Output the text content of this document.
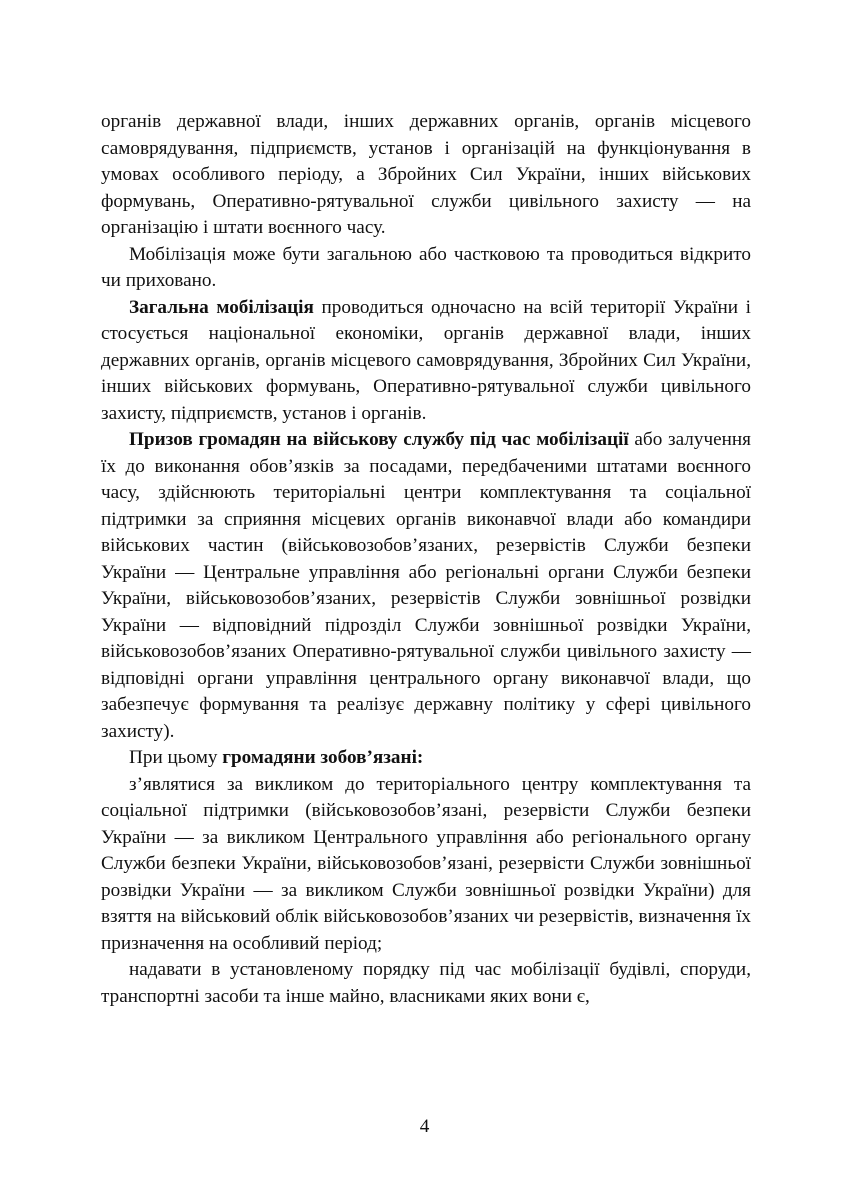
органів державної влади, інших державних органів, органів місцевого самоврядування, підприємств, установ і організацій на функціонування в умовах особливого періоду, а Збройних Сил України, інших військових формувань, Оперативно-рятувальної служби цивільного захисту — на організацію і штати воєнного часу.

Мобілізація може бути загальною або частковою та проводиться відкрито чи приховано.

Загальна мобілізація проводиться одночасно на всій території України і стосується національної економіки, органів державної влади, інших державних органів, органів місцевого самоврядування, Збройних Сил України, інших військових формувань, Оперативно-рятувальної служби цивільного захисту, підприємств, установ і органів.

Призов громадян на військову службу під час мобілізації або залучення їх до виконання обов’язків за посадами, передбаченими штатами воєнного часу, здійснюють територіальні центри комплектування та соціальної підтримки за сприяння місцевих органів виконавчої влади або командири військових частин (військовозобов’язаних, резервістів Служби безпеки України — Центральне управління або регіональні органи Служби безпеки України, військовозобов’язаних, резервістів Служби зовнішньої розвідки України — відповідний підрозділ Служби зовнішньої розвідки України, військовозобов’язаних Оперативно-рятувальної служби цивільного захисту — відповідні органи управління центрального органу виконавчої влади, що забезпечує формування та реалізує державну політику у сфері цивільного захисту).

При цьому громадяни зобов’язані:

з’являтися за викликом до територіального центру комплектування та соціальної підтримки (військовозобов’язані, резервісти Служби безпеки України — за викликом Центрального управління або регіонального органу Служби безпеки України, військовозобов’язані, резервісти Служби зовнішньої розвідки України — за викликом Служби зовнішньої розвідки України) для взяття на військовий облік військовозобов’язаних чи резервістів, визначення їх призначення на особливий період;

надавати в установленому порядку під час мобілізації будівлі, споруди, транспортні засоби та інше майно, власниками яких вони є,

4
